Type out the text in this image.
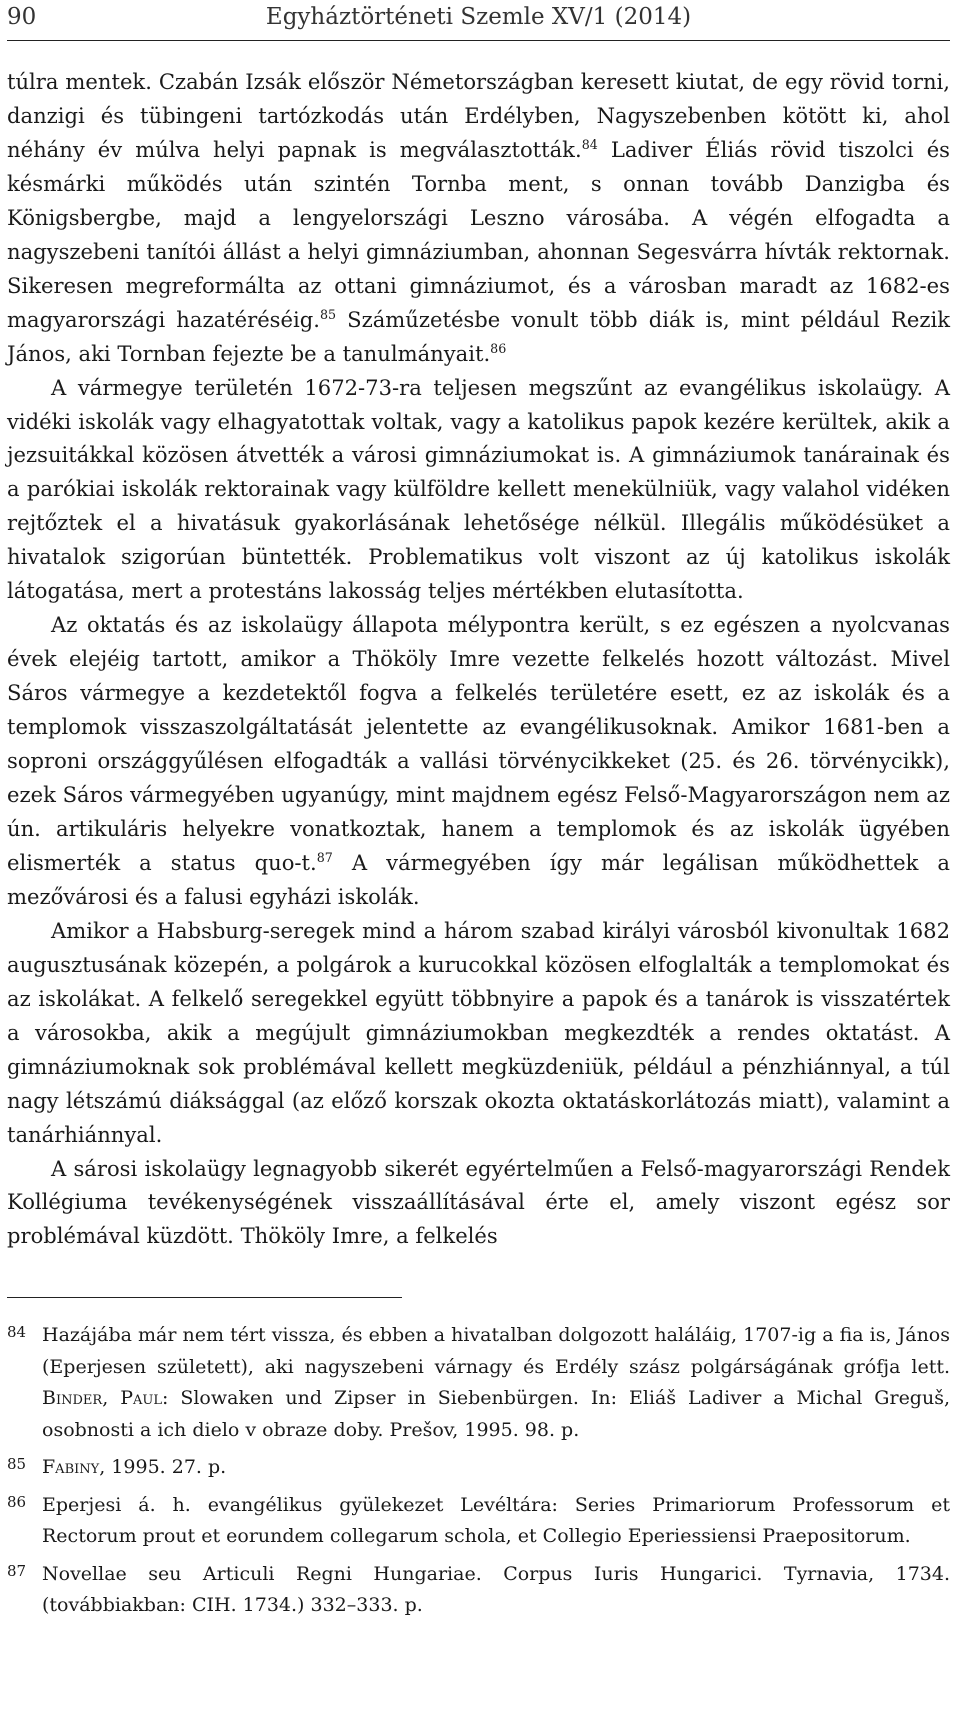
90	Egyháztörténeti Szemle XV/1 (2014)

túlra mentek. Czabán Izsák először Németországban keresett kiutat, de egy rövid torni, danzigi és tübingeni tartózkodás után Erdélyben, Nagyszebenben kötött ki, ahol néhány év múlva helyi papnak is megválasztották.$^{84}$ Ladiver Éliás rövid tiszolci és késmárki működés után szintén Tornba ment, s onnan tovább Danzigba és Königsbergbe, majd a lengyelországi Leszno városába. A végén elfogadta a nagyszebeni tanítói állást a helyi gimnáziumban, ahonnan Segesvárra hívták rektornak. Sikeresen megreformálta az ottani gimnáziumot, és a városban maradt az 1682-es magyarországi hazatéréséig.$^{85}$ Száműzetésbe vonult több diák is, mint például Rezik János, aki Tornban fejezte be a tanulmányait.$^{86}$

A vármegye területén 1672-73-ra teljesen megszűnt az evangélikus iskolaügy. A vidéki iskolák vagy elhagyatottak voltak, vagy a katolikus papok kezére kerültek, akik a jezsuitákkal közösen átvették a városi gimnáziumokat is. A gimnáziumok tanárainak és a parókiai iskolák rektorainak vagy külföldre kellett menekülniük, vagy valahol vidéken rejtőztek el a hivatásuk gyakorlásának lehetősége nélkül. Illegális működésüket a hivatalok szigorúan büntették. Problematikus volt viszont az új katolikus iskolák látogatása, mert a protestáns lakosság teljes mértékben elutasította.

Az oktatás és az iskolaügy állapota mélypontra került, s ez egészen a nyolcvanas évek elejéig tartott, amikor a Thököly Imre vezette felkelés hozott változást. Mivel Sáros vármegye a kezdetektől fogva a felkelés területére esett, ez az iskolák és a templomok visszaszolgáltatását jelentette az evangélikusoknak. Amikor 1681-ben a soproni országgyűlésen elfogadták a vallási törvénycikkeket (25. és 26. törvénycikk), ezek Sáros vármegyében ugyanúgy, mint majdnem egész Felső-Magyarországon nem az ún. artikuláris helyekre vonatkoztak, hanem a templomok és az iskolák ügyében elismerték a status quo-t.$^{87}$ A vármegyében így már legálisan működhettek a mezővárosi és a falusi egyházi iskolák.

Amikor a Habsburg-seregek mind a három szabad királyi városból kivonultak 1682 augusztusának közepén, a polgárok a kurucokkal közösen elfoglalták a templomokat és az iskolákat. A felkelő seregekkel együtt többnyire a papok és a tanárok is visszatértek a városokba, akik a megújult gimnáziumokban megkezdték a rendes oktatást. A gimnáziumoknak sok problémával kellett megküzdeniük, például a pénzhiánnyal, a túl nagy létszámú diáksággal (az előző korszak okozta oktatáskorlátozás miatt), valamint a tanárhiánnyal.

A sárosi iskolaügy legnagyobb sikerét egyértelműen a Felső-magyarországi Rendek Kollégiuma tevékenységének visszaállításával érte el, amely viszont egész sor problémával küzdött. Thököly Imre, a felkelés

84 Hazájába már nem tért vissza, és ebben a hivatalban dolgozott haláláig, 1707-ig a fia is, János (Eperjesen született), aki nagyszebeni várnagy és Erdély szász polgárságának grófja lett. Binder, Paul: Slowaken und Zipser in Siebenbürgen. In: Eliáš Ladiver a Michal Greguš, osobnosti a ich dielo v obraze doby. Prešov, 1995. 98. p.

85 Fabiny, 1995. 27. p.

86 Eperjesi á. h. evangélikus gyülekezet Levéltára: Series Primariorum Professorum et Rectorum prout et eorundem collegarum schola, et Collegio Eperiessiensi Praepositorum.

87 Novellae seu Articuli Regni Hungariae. Corpus Iuris Hungarici. Tyrnavia, 1734. (továbbiakban: CIH. 1734.) 332–333. p.
